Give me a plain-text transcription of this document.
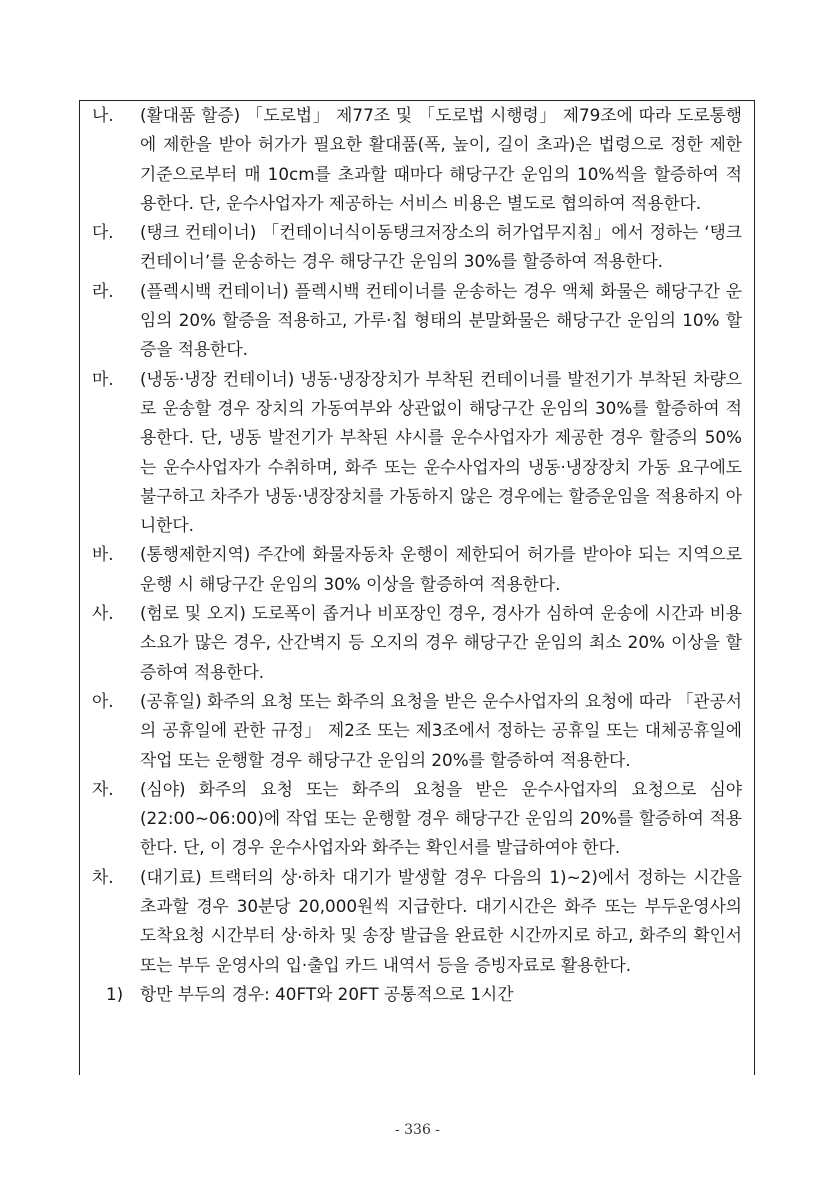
나.	(활대품 할증) 「도로법」 제77조 및 「도로법 시행령」 제79조에 따라 도로통행에 제한을 받아 허가가 필요한 활대품(폭, 높이, 길이 초과)은 법령으로 정한 제한 기준으로부터 매 10cm를 초과할 때마다 해당구간 운임의 10%씩을 할증하여 적용한다. 단, 운수사업자가 제공하는 서비스 비용은 별도로 협의하여 적용한다.
다.	(탱크 컨테이너) 「컨테이너식이동탱크저장소의 허가업무지침」에서 정하는 ‘탱크 컨테이너’를 운송하는 경우 해당구간 운임의 30%를 할증하여 적용한다.
라.	(플렉시백 컨테이너) 플렉시백 컨테이너를 운송하는 경우 액체 화물은 해당구간 운임의 20% 할증을 적용하고, 가루·칩 형태의 분말화물은 해당구간 운임의 10% 할증을 적용한다.
마.	(냉동·냉장 컨테이너) 냉동·냉장장치가 부착된 컨테이너를 발전기가 부착된 차량으로 운송할 경우 장치의 가동여부와 상관없이 해당구간 운임의 30%를 할증하여 적용한다. 단, 냉동 발전기가 부착된 샤시를 운수사업자가 제공한 경우 할증의 50%는 운수사업자가 수취하며, 화주 또는 운수사업자의 냉동·냉장장치 가동 요구에도 불구하고 차주가 냉동·냉장장치를 가동하지 않은 경우에는 할증운임을 적용하지 아니한다.
바.	(통행제한지역) 주간에 화물자동차 운행이 제한되어 허가를 받아야 되는 지역으로 운행 시 해당구간 운임의 30% 이상을 할증하여 적용한다.
사.	(험로 및 오지) 도로폭이 좁거나 비포장인 경우, 경사가 심하여 운송에 시간과 비용 소요가 많은 경우, 산간벽지 등 오지의 경우 해당구간 운임의 최소 20% 이상을 할증하여 적용한다.
아.	(공휴일) 화주의 요청 또는 화주의 요청을 받은 운수사업자의 요청에 따라 「관공서의 공휴일에 관한 규정」 제2조 또는 제3조에서 정하는 공휴일 또는 대체공휴일에 작업 또는 운행할 경우 해당구간 운임의 20%를 할증하여 적용한다.
자.	(심야) 화주의 요청 또는 화주의 요청을 받은 운수사업자의 요청으로 심야(22:00~06:00)에 작업 또는 운행할 경우 해당구간 운임의 20%를 할증하여 적용한다. 단, 이 경우 운수사업자와 화주는 확인서를 발급하여야 한다.
차.	(대기료) 트랙터의 상·하차 대기가 발생할 경우 다음의 1)~2)에서 정하는 시간을 초과할 경우 30분당 20,000원씩 지급한다. 대기시간은 화주 또는 부두운영사의 도착요청 시간부터 상·하차 및 송장 발급을 완료한 시간까지로 하고, 화주의 확인서 또는 부두 운영사의 입·출입 카드 내역서 등을 증빙자료로 활용한다.
1) 항만 부두의 경우: 40FT와 20FT 공통적으로 1시간
- 336 -
